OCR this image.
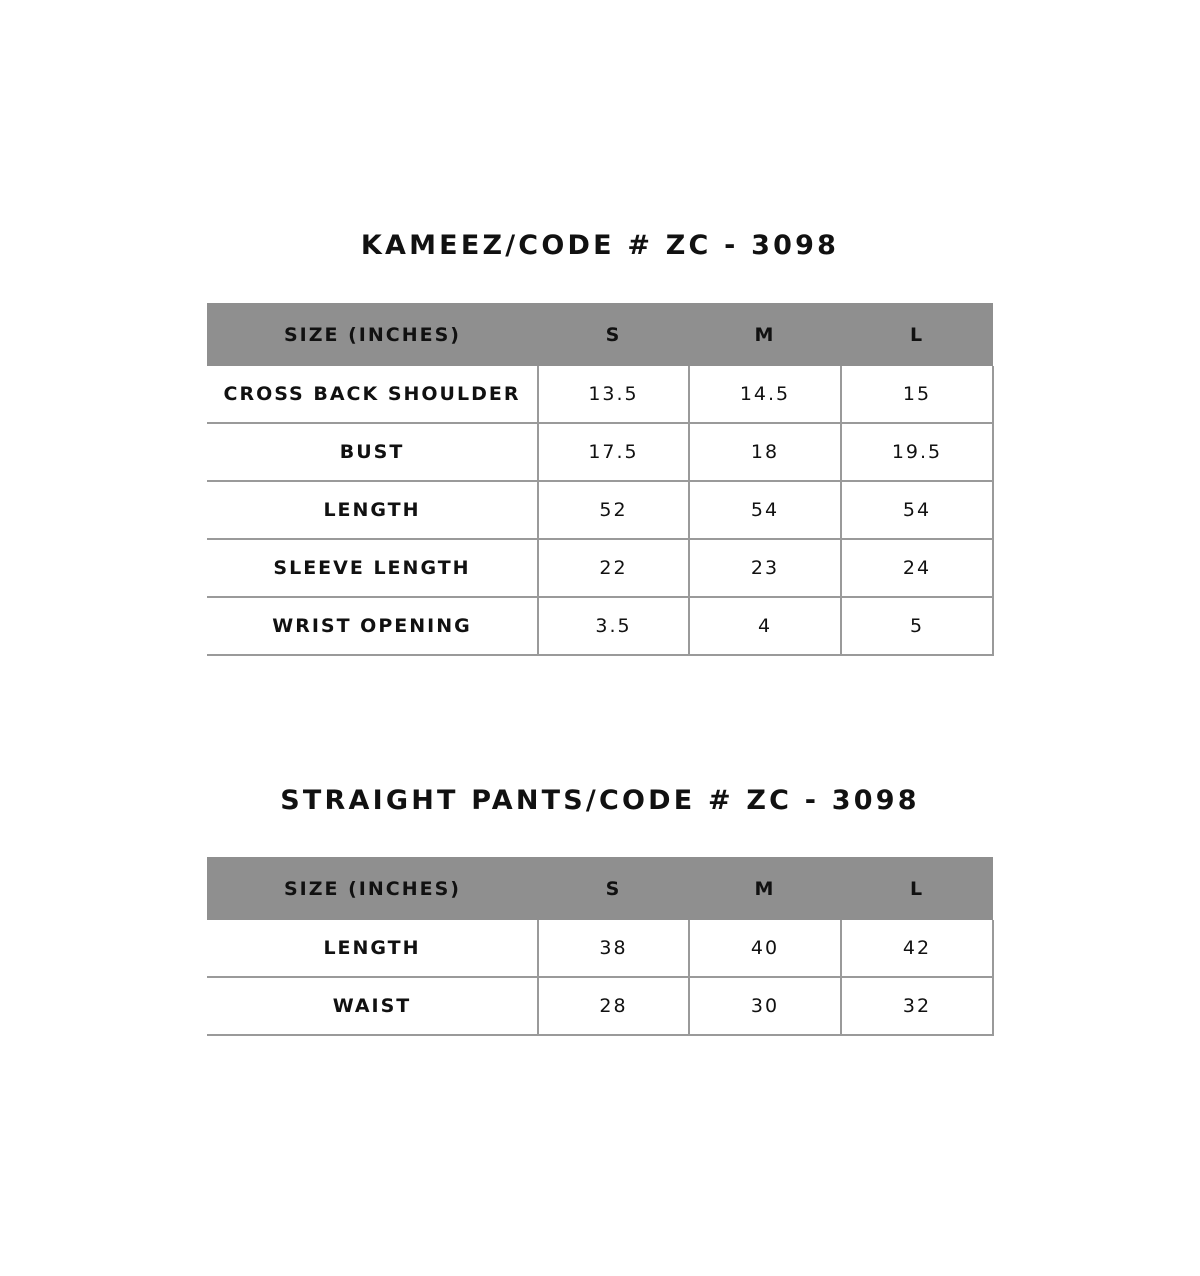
KAMEEZ/CODE # ZC - 3098
SIZE (INCHES)	S	M	L
CROSS BACK SHOULDER	13.5	14.5	15
BUST	17.5	18	19.5
LENGTH	52	54	54
SLEEVE LENGTH	22	23	24
WRIST OPENING	3.5	4	5
STRAIGHT PANTS/CODE # ZC - 3098
SIZE (INCHES)	S	M	L
LENGTH	38	40	42
WAIST	28	30	32
